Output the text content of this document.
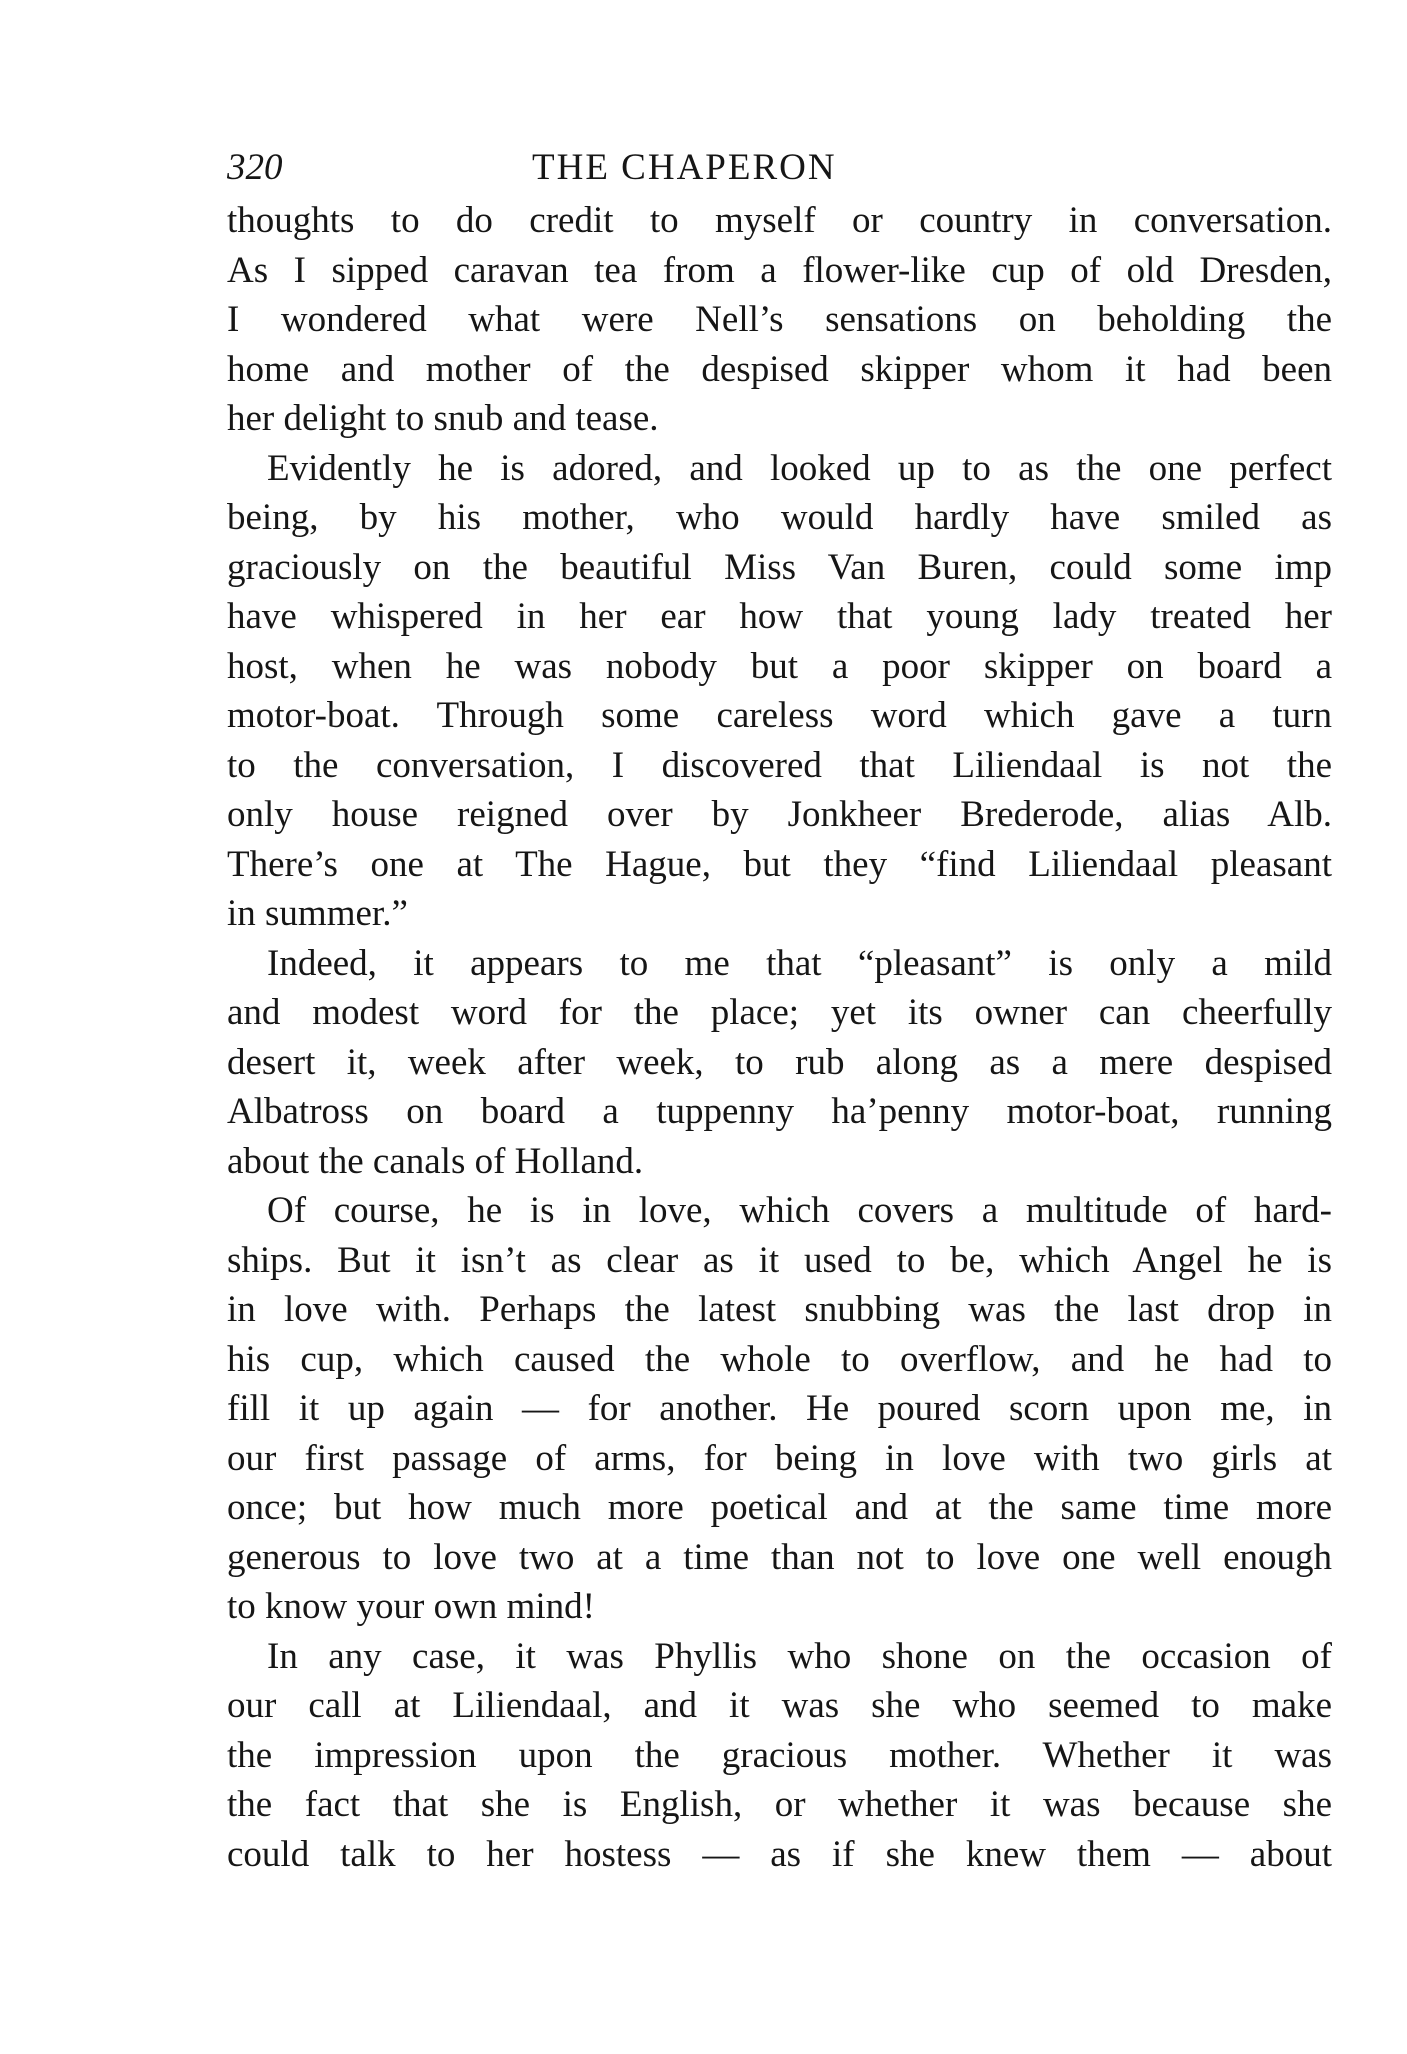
320	THE CHAPERON
thoughts to do credit to myself or country in conversation.
As I sipped caravan tea from a flower-like cup of old Dresden,
I wondered what were Nell’s sensations on beholding the
home and mother of the despised skipper whom it had been
her delight to snub and tease.
Evidently he is adored, and looked up to as the one perfect
being, by his mother, who would hardly have smiled as
graciously on the beautiful Miss Van Buren, could some imp
have whispered in her ear how that young lady treated her
host, when he was nobody but a poor skipper on board a
motor-boat. Through some careless word which gave a turn
to the conversation, I discovered that Liliendaal is not the
only house reigned over by Jonkheer Brederode, alias Alb.
There’s one at The Hague, but they “find Liliendaal pleasant
in summer.”
Indeed, it appears to me that “pleasant” is only a mild
and modest word for the place; yet its owner can cheerfully
desert it, week after week, to rub along as a mere despised
Albatross on board a tuppenny ha’penny motor-boat, running
about the canals of Holland.
Of course, he is in love, which covers a multitude of hard-
ships. But it isn’t as clear as it used to be, which Angel he is
in love with. Perhaps the latest snubbing was the last drop in
his cup, which caused the whole to overflow, and he had to
fill it up again — for another. He poured scorn upon me, in
our first passage of arms, for being in love with two girls at
once; but how much more poetical and at the same time more
generous to love two at a time than not to love one well enough
to know your own mind!
In any case, it was Phyllis who shone on the occasion of
our call at Liliendaal, and it was she who seemed to make
the impression upon the gracious mother. Whether it was
the fact that she is English, or whether it was because she
could talk to her hostess — as if she knew them — about
